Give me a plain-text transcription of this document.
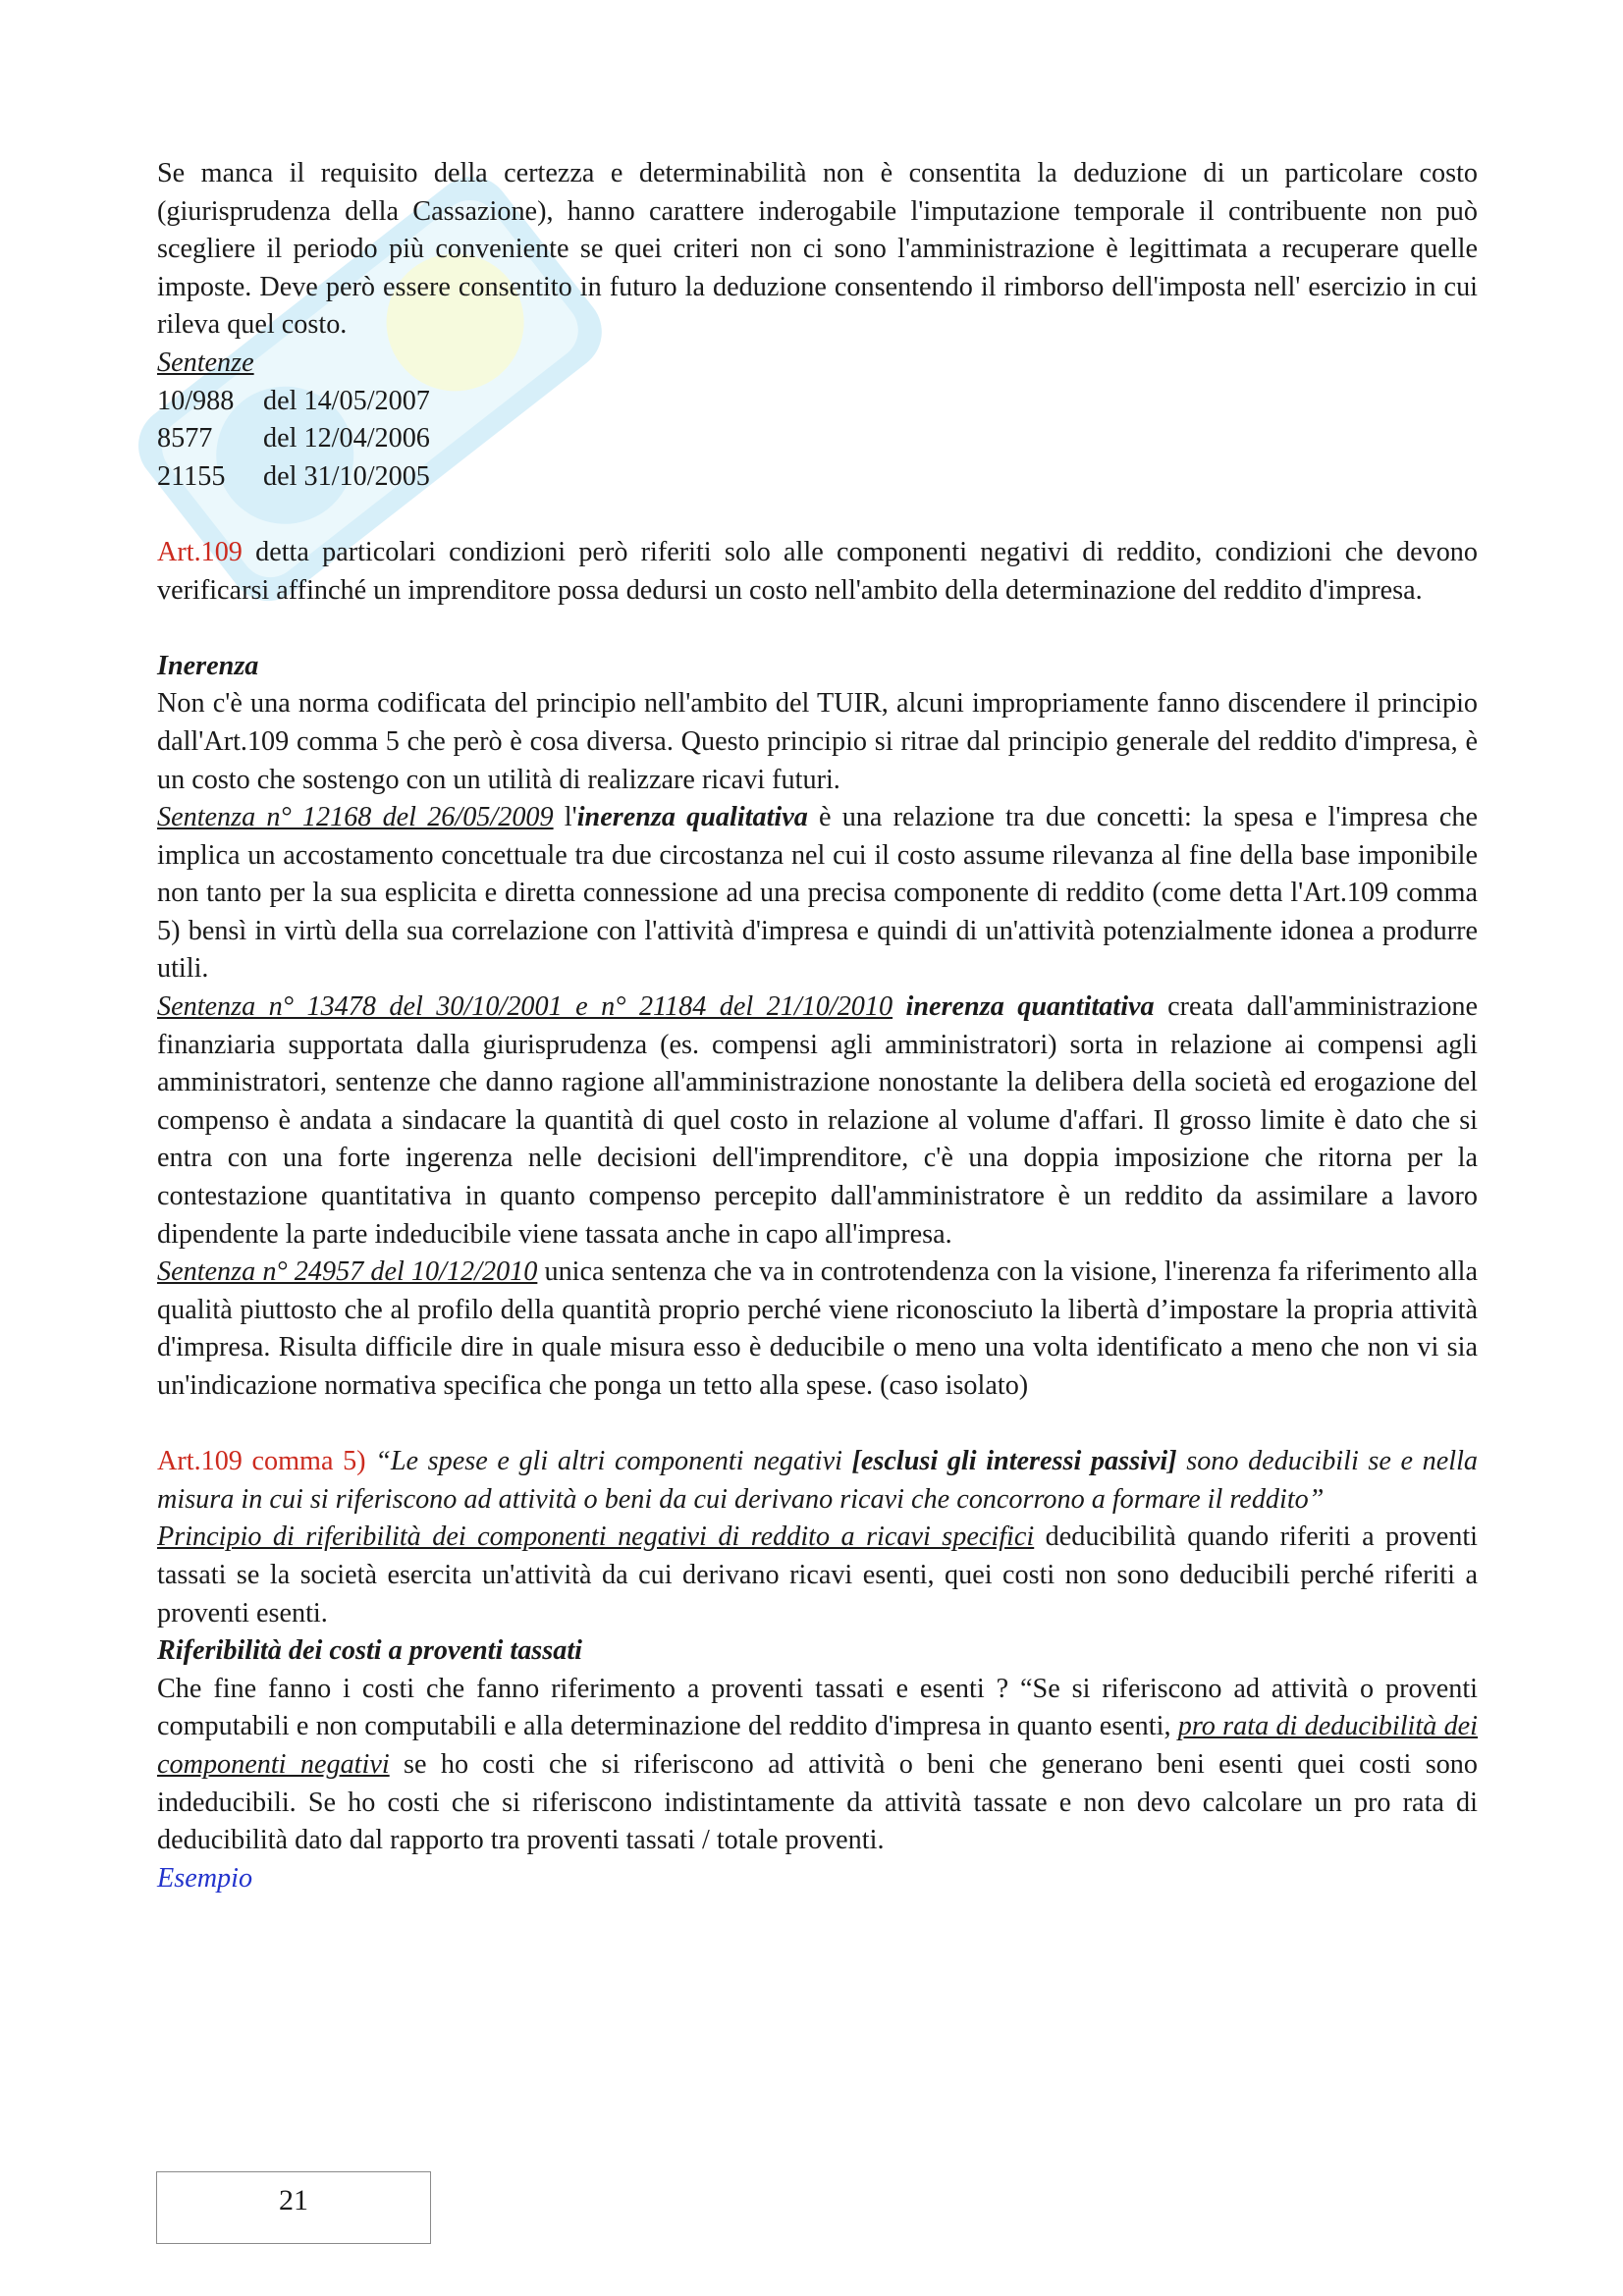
Se manca il requisito della certezza e determinabilità non è consentita la deduzione di un particolare costo (giurisprudenza della Cassazione), hanno carattere inderogabile l'imputazione temporale il contribuente non può scegliere il periodo più conveniente se quei criteri non ci sono l'amministrazione è legittimata a recuperare quelle imposte. Deve però essere consentito in futuro la deduzione consentendo il rimborso dell'imposta nell' esercizio in cui rileva quel costo.

Sentenze
10/988	del 14/05/2007
8577	del 12/04/2006
21155	del 31/10/2005

Art.109 detta particolari condizioni però riferiti solo alle componenti negativi di reddito, condizioni che devono verificarsi affinché un imprenditore possa dedursi un costo nell'ambito della determinazione del reddito d'impresa.

Inerenza

Non c'è una norma codificata del principio nell'ambito del TUIR, alcuni impropriamente fanno discendere il principio dall'Art.109 comma 5 che però è cosa diversa. Questo principio si ritrae dal principio generale del reddito d'impresa, è un costo che sostengo con un utilità di realizzare ricavi futuri.

Sentenza n° 12168 del 26/05/2009 l'inerenza qualitativa è una relazione tra due concetti: la spesa e l'impresa che implica un accostamento concettuale tra due circostanza nel cui il costo assume rilevanza al fine della base imponibile non tanto per la sua esplicita e diretta connessione ad una precisa componente di reddito (come detta l'Art.109 comma 5) bensì in virtù della sua correlazione con l'attività d'impresa e quindi di un'attività potenzialmente idonea a produrre utili.

Sentenza n° 13478 del 30/10/2001 e n° 21184 del 21/10/2010 inerenza quantitativa creata dall'amministrazione finanziaria supportata dalla giurisprudenza (es. compensi agli amministratori) sorta in relazione ai compensi agli amministratori, sentenze che danno ragione all'amministrazione nonostante la delibera della società ed erogazione del compenso è andata a sindacare la quantità di quel costo in relazione al volume d'affari. Il grosso limite è dato che si entra con una forte ingerenza nelle decisioni dell'imprenditore, c'è una doppia imposizione che ritorna per la contestazione quantitativa in quanto compenso percepito dall'amministratore è un reddito da assimilare a lavoro dipendente la parte indeducibile viene tassata anche in capo all'impresa.

Sentenza n° 24957 del 10/12/2010 unica sentenza che va in controtendenza con la visione, l'inerenza fa riferimento alla qualità piuttosto che al profilo della quantità proprio perché viene riconosciuto la libertà d’impostare la propria attività d'impresa. Risulta difficile dire in quale misura esso è deducibile o meno una volta identificato a meno che non vi sia un'indicazione normativa specifica che ponga un tetto alla spese. (caso isolato)

Art.109 comma 5) “Le spese e gli altri componenti negativi [esclusi gli interessi passivi] sono deducibili se e nella misura in cui si riferiscono ad attività o beni da cui derivano ricavi che concorrono a formare il reddito”

Principio di riferibilità dei componenti negativi di reddito a ricavi specifici deducibilità quando riferiti a proventi tassati se la società esercita un'attività da cui derivano ricavi esenti, quei costi non sono deducibili perché riferiti a proventi esenti.

Riferibilità dei costi a proventi tassati

Che fine fanno i costi che fanno riferimento a proventi tassati e esenti ? “Se si riferiscono ad attività o proventi computabili e non computabili e alla determinazione del reddito d'impresa in quanto esenti, pro rata di deducibilità dei componenti negativi se ho costi che si riferiscono ad attività o beni che generano beni esenti quei costi sono indeducibili. Se ho costi che si riferiscono indistintamente da attività tassate e non devo calcolare un pro rata di deducibilità dato dal rapporto tra proventi tassati / totale proventi.

Esempio
21
